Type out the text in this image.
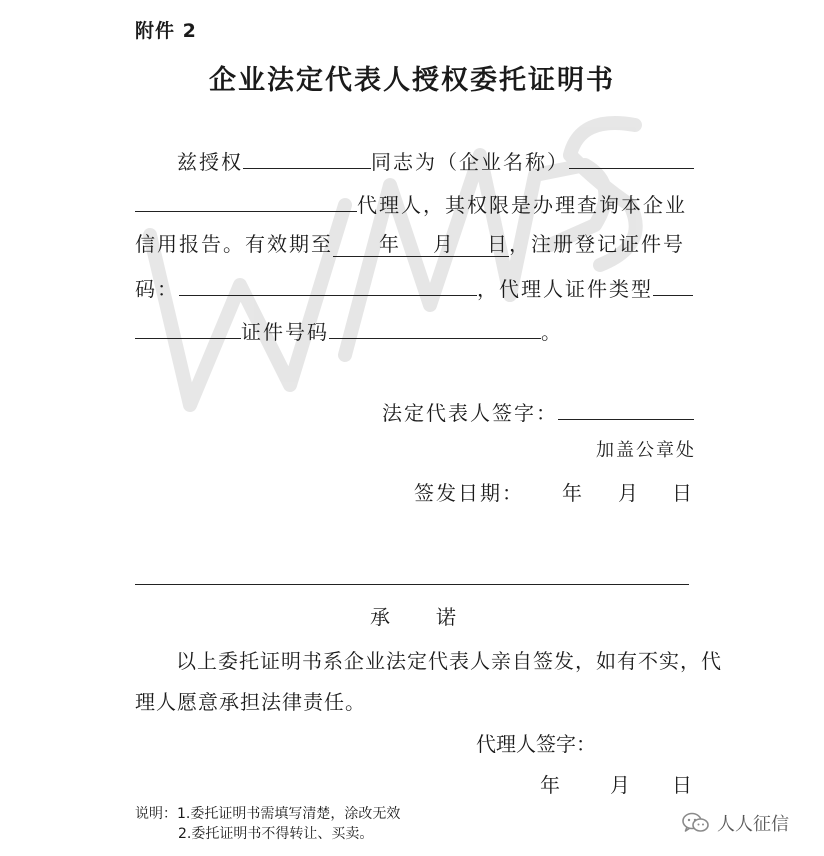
附件 2
企业法定代表人授权委托证明书
兹授权	同志为（企业名称）
代理人，其权限是办理查询本企业
信用报告。有效期至 年 月 日，注册登记证件号
码：	，代理人证件类型
证件号码	。
法定代表人签字：
加盖公章处
签发日期： 年 月 日
承　　诺
以上委托证明书系企业法定代表人亲自签发，如有不实，代
理人愿意承担法律责任。
代理人签字：
年 月 日
说明：1.委托证明书需填写清楚，涂改无效
2.委托证明书不得转让、买卖。	人人征信
